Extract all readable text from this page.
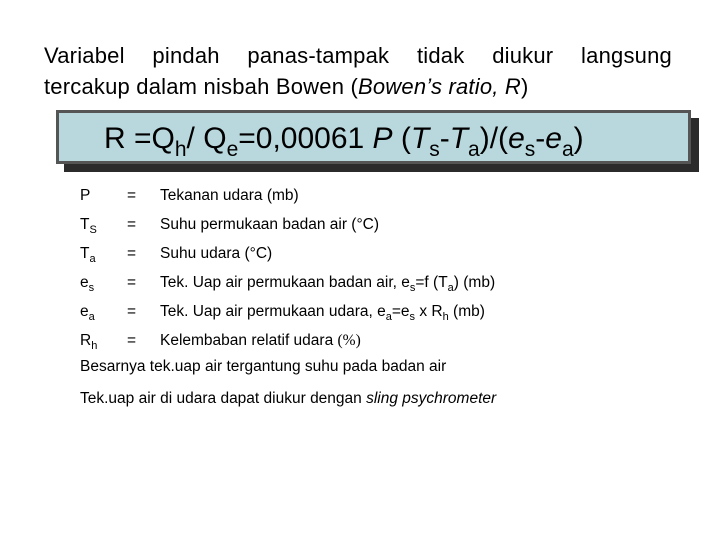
Variabel pindah panas-tampak tidak diukur langsung
tercakup dalam nisbah Bowen (Bowen’s ratio, R)
$R =Q_h/$ $Q_e=0,00061$ P $(T_s-T_a)/(e_s-e_a)$
P	= Tekanan udara (mb)
$T_S$	= Suhu permukaan badan air (°C)
$T_a$	= Suhu udara (°C)
$e_s$	= Tek. Uap air permukaan badan air, $e_s=f$ $(T_a)$ (mb)
$e_a$	= Tek. Uap air permukaan udara, $e_a=e_s$ x $R_h$ (mb)
$R_h$	= Kelembaban relatif udara (%)
Besarnya tek.uap air tergantung suhu pada badan air
Tek.uap air di udara dapat diukur dengan sling psychrometer
